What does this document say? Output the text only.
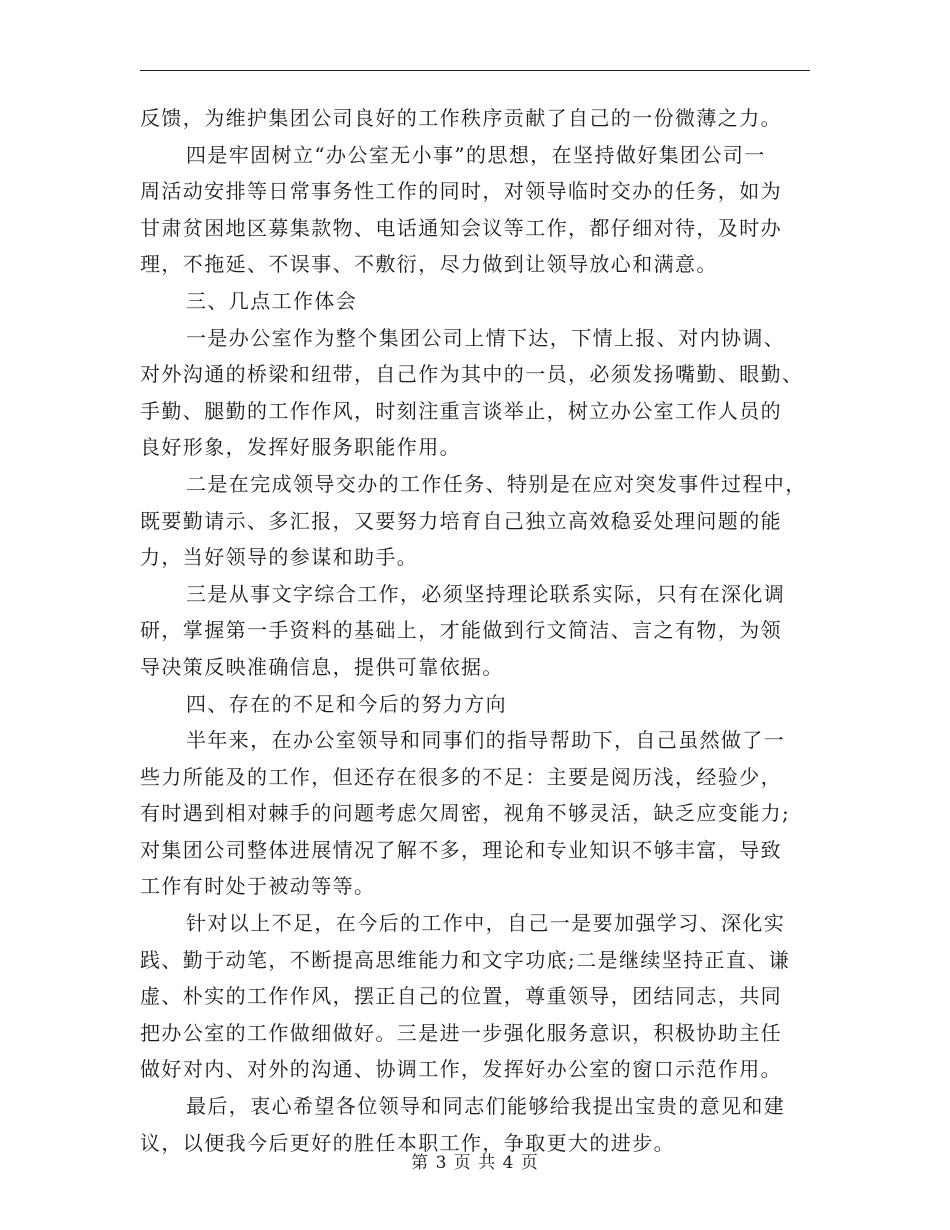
反馈，为维护集团公司良好的工作秩序贡献了自己的一份微薄之力。
四是牢固树立“办公室无小事”的思想，在坚持做好集团公司一
周活动安排等日常事务性工作的同时，对领导临时交办的任务，如为
甘肃贫困地区募集款物、电话通知会议等工作，都仔细对待，及时办
理，不拖延、不误事、不敷衍，尽力做到让领导放心和满意。
三、几点工作体会
一是办公室作为整个集团公司上情下达，下情上报、对内协调、
对外沟通的桥梁和纽带，自己作为其中的一员，必须发扬嘴勤、眼勤、
手勤、腿勤的工作作风，时刻注重言谈举止，树立办公室工作人员的
良好形象，发挥好服务职能作用。
二是在完成领导交办的工作任务、特别是在应对突发事件过程中，
既要勤请示、多汇报，又要努力培育自己独立高效稳妥处理问题的能
力，当好领导的参谋和助手。
三是从事文字综合工作，必须坚持理论联系实际，只有在深化调
研，掌握第一手资料的基础上，才能做到行文简洁、言之有物，为领
导决策反映准确信息，提供可靠依据。
四、存在的不足和今后的努力方向
半年来，在办公室领导和同事们的指导帮助下，自己虽然做了一
些力所能及的工作，但还存在很多的不足：主要是阅历浅，经验少，
有时遇到相对棘手的问题考虑欠周密，视角不够灵活，缺乏应变能力;
对集团公司整体进展情况了解不多，理论和专业知识不够丰富，导致
工作有时处于被动等等。
针对以上不足，在今后的工作中，自己一是要加强学习、深化实
践、勤于动笔，不断提高思维能力和文字功底;二是继续坚持正直、谦
虚、朴实的工作作风，摆正自己的位置，尊重领导，团结同志，共同
把办公室的工作做细做好。三是进一步强化服务意识，积极协助主任
做好对内、对外的沟通、协调工作，发挥好办公室的窗口示范作用。
最后，衷心希望各位领导和同志们能够给我提出宝贵的意见和建
议，以便我今后更好的胜任本职工作，争取更大的进步。
第 3 页 共 4 页
